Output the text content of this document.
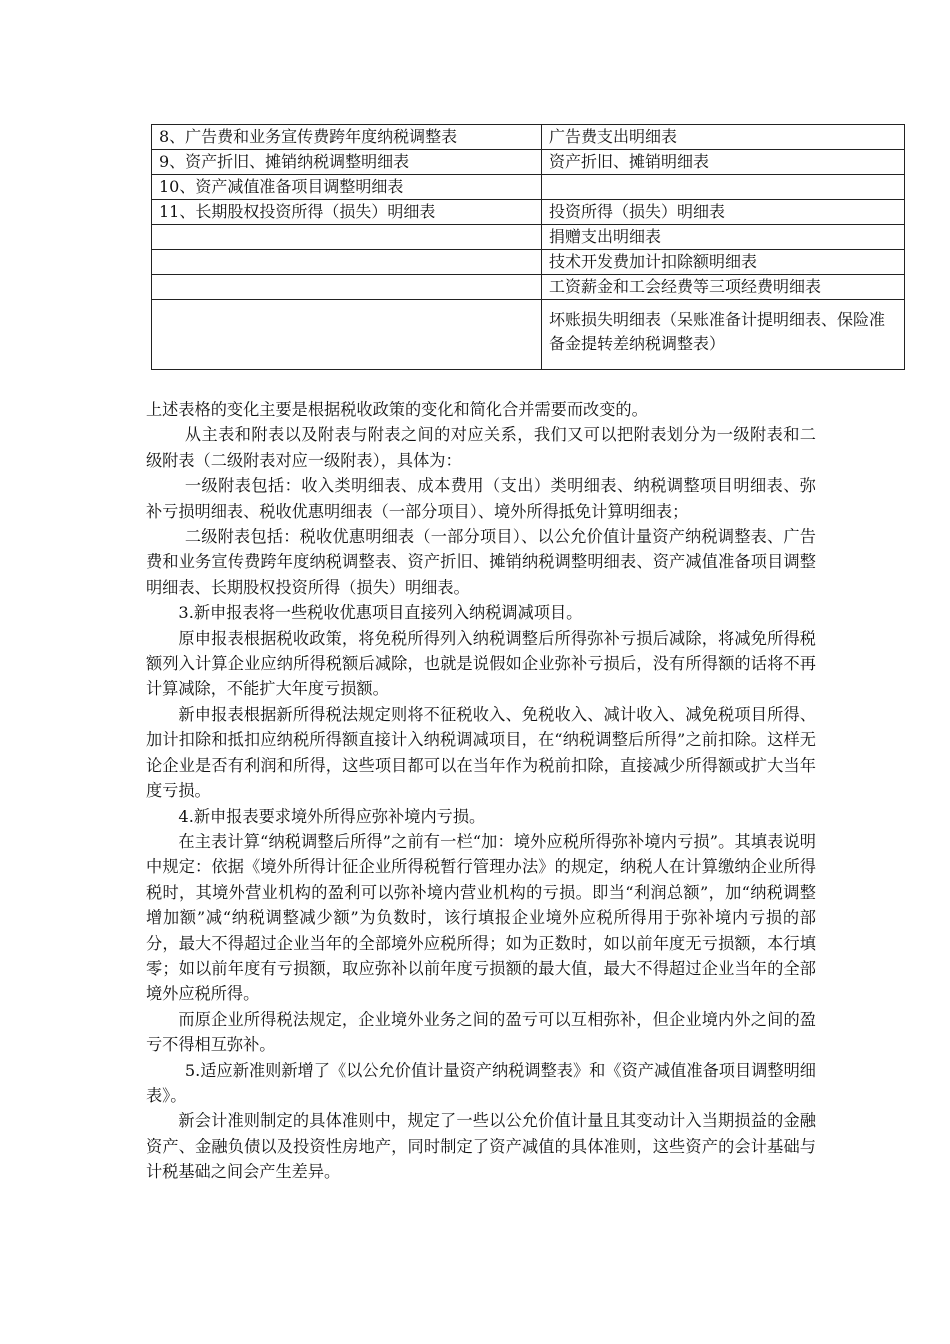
8、广告费和业务宣传费跨年度纳税调整表	广告费支出明细表
9、资产折旧、摊销纳税调整明细表	资产折旧、摊销明细表
10、资产减值准备项目调整明细表	
11、长期股权投资所得（损失）明细表	投资所得（损失）明细表
	捐赠支出明细表
	技术开发费加计扣除额明细表
	工资薪金和工会经费等三项经费明细表
	坏账损失明细表（呆账准备计提明细表、保险准备金提转差纳税调整表）

上述表格的变化主要是根据税收政策的变化和简化合并需要而改变的。

从主表和附表以及附表与附表之间的对应关系，我们又可以把附表划分为一级附表和二级附表（二级附表对应一级附表），具体为：

一级附表包括：收入类明细表、成本费用（支出）类明细表、纳税调整项目明细表、弥补亏损明细表、税收优惠明细表（一部分项目）、境外所得抵免计算明细表；

二级附表包括：税收优惠明细表（一部分项目）、以公允价值计量资产纳税调整表、广告费和业务宣传费跨年度纳税调整表、资产折旧、摊销纳税调整明细表、资产减值准备项目调整明细表、长期股权投资所得（损失）明细表。

3.新申报表将一些税收优惠项目直接列入纳税调减项目。

原申报表根据税收政策，将免税所得列入纳税调整后所得弥补亏损后减除，将减免所得税额列入计算企业应纳所得税额后减除，也就是说假如企业弥补亏损后，没有所得额的话将不再计算减除，不能扩大年度亏损额。

新申报表根据新所得税法规定则将不征税收入、免税收入、减计收入、减免税项目所得、加计扣除和抵扣应纳税所得额直接计入纳税调减项目，在“纳税调整后所得”之前扣除。这样无论企业是否有利润和所得，这些项目都可以在当年作为税前扣除，直接减少所得额或扩大当年度亏损。

4.新申报表要求境外所得应弥补境内亏损。

在主表计算“纳税调整后所得”之前有一栏“加：境外应税所得弥补境内亏损”。其填表说明中规定：依据《境外所得计征企业所得税暂行管理办法》的规定，纳税人在计算缴纳企业所得税时，其境外营业机构的盈利可以弥补境内营业机构的亏损。即当“利润总额”，加“纳税调整增加额”减“纳税调整减少额”为负数时，该行填报企业境外应税所得用于弥补境内亏损的部分，最大不得超过企业当年的全部境外应税所得；如为正数时，如以前年度无亏损额，本行填零；如以前年度有亏损额，取应弥补以前年度亏损额的最大值，最大不得超过企业当年的全部境外应税所得。

而原企业所得税法规定，企业境外业务之间的盈亏可以互相弥补，但企业境内外之间的盈亏不得相互弥补。

5.适应新准则新增了《以公允价值计量资产纳税调整表》和《资产减值准备项目调整明细表》。

新会计准则制定的具体准则中，规定了一些以公允价值计量且其变动计入当期损益的金融资产、金融负债以及投资性房地产，同时制定了资产减值的具体准则，这些资产的会计基础与计税基础之间会产生差异。
